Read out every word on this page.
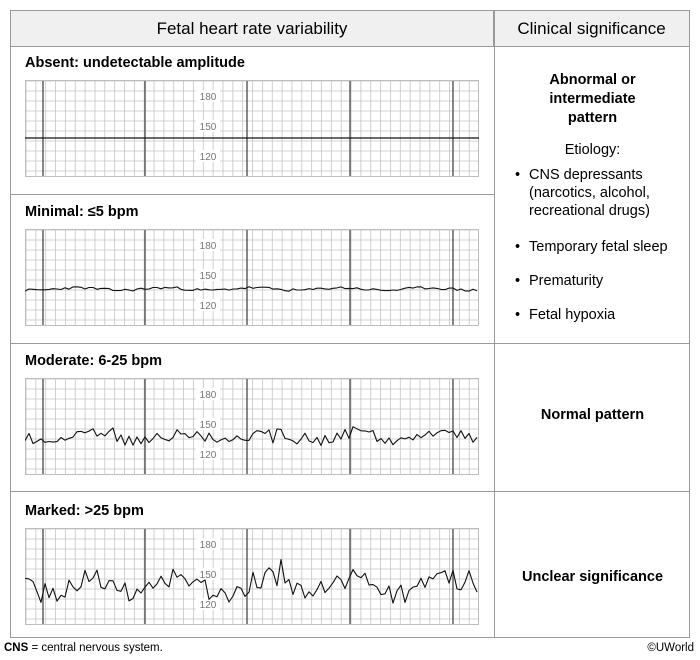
Fetal heart rate variability	Clinical significance
Absent: undetectable amplitude
180
150
120
Minimal: ≤5 bpm
180
150
120
Moderate: 6-25 bpm
180
150
120
Marked: >25 bpm
180
150
120
Abnormal or intermediate pattern
Etiology:
• CNS depressants (narcotics, alcohol, recreational drugs)
• Temporary fetal sleep
• Prematurity
• Fetal hypoxia
Normal pattern
Unclear significance
CNS = central nervous system.	©UWorld
